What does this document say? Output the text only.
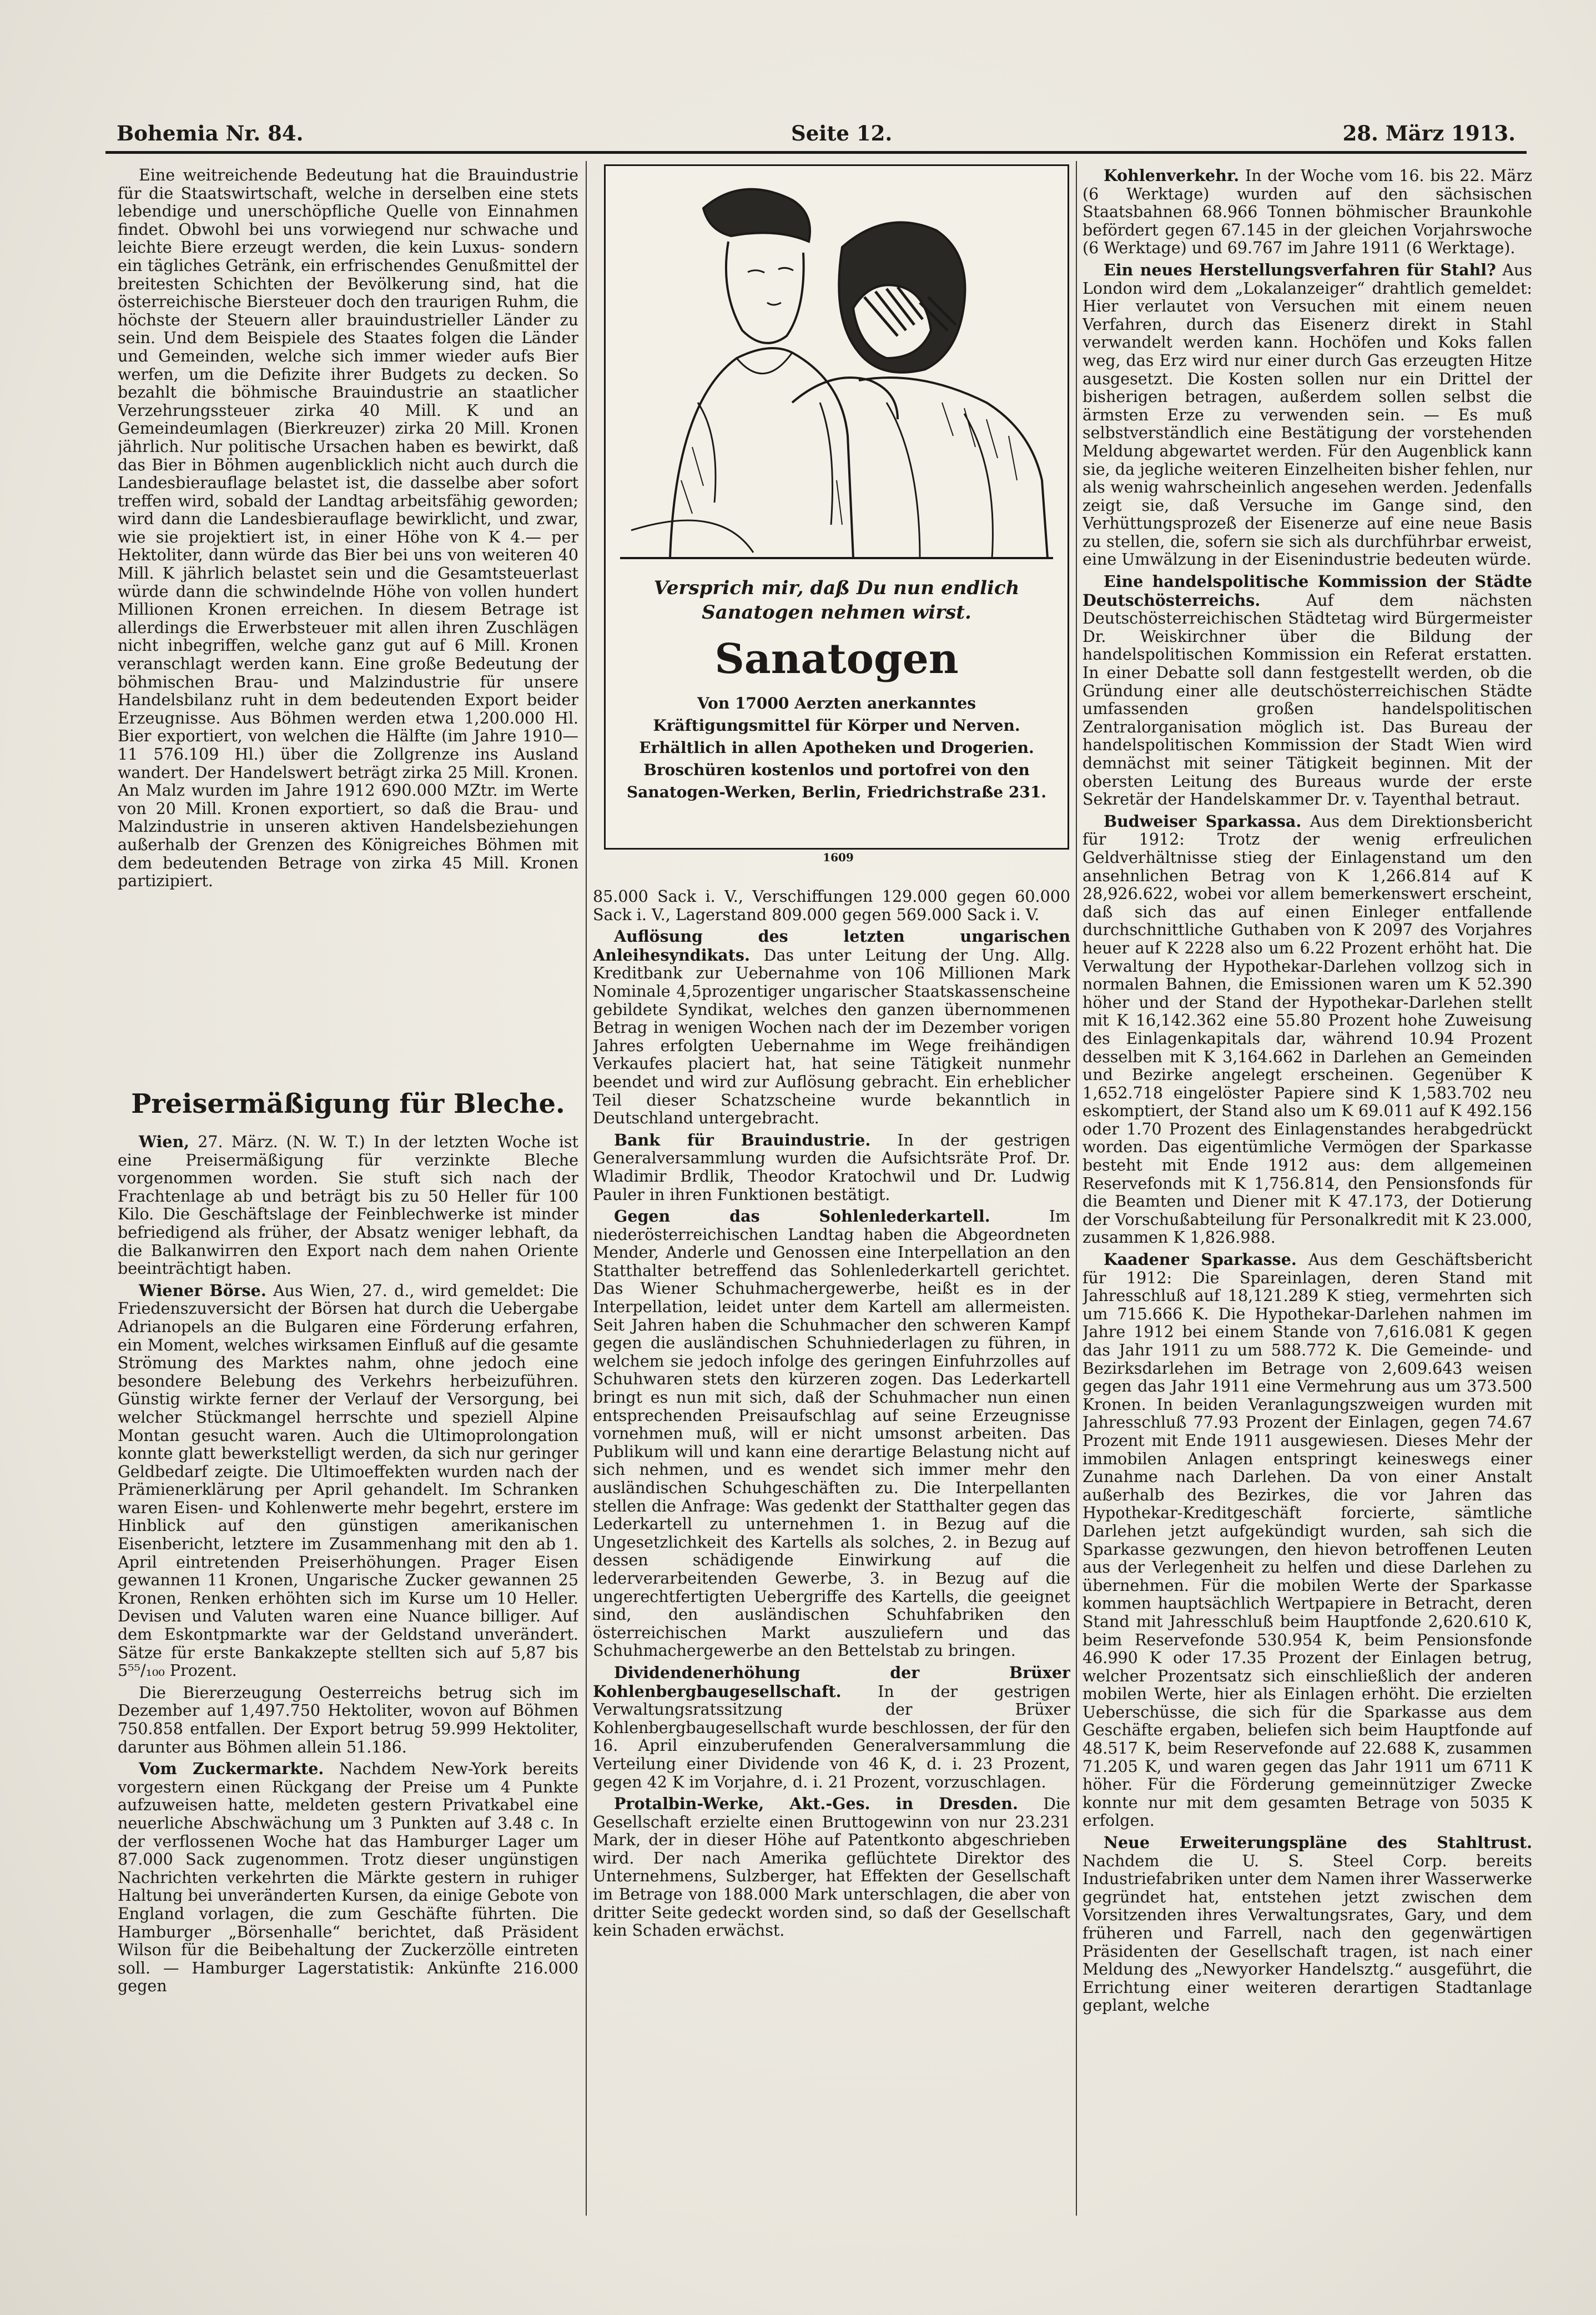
Bohemia Nr. 84.	Seite 12.	28. März 1913.

Eine weitreichende Bedeutung hat die Brauindustrie für die Staatswirtschaft, welche in derselben eine stets lebendige und unerschöpfliche Quelle von Einnahmen findet. Obwohl bei uns vorwiegend nur schwache und leichte Biere erzeugt werden, die kein Luxus- sondern ein tägliches Getränk, ein erfrischendes Genußmittel der breitesten Schichten der Bevölkerung sind, hat die österreichische Biersteuer doch den traurigen Ruhm, die höchste der Steuern aller brauindustrieller Länder zu sein. Und dem Beispiele des Staates folgen die Länder und Gemeinden, welche sich immer wieder aufs Bier werfen, um die Defizite ihrer Budgets zu decken. So bezahlt die böhmische Brauindustrie an staatlicher Verzehrungssteuer zirka 40 Mill. K und an Gemeindeumlagen (Bierkreuzer) zirka 20 Mill. Kronen jährlich. Nur politische Ursachen haben es bewirkt, daß das Bier in Böhmen augenblicklich nicht auch durch die Landesbierauflage belastet ist, die dasselbe aber sofort treffen wird, sobald der Landtag arbeitsfähig geworden; wird dann die Landesbierauflage bewirklicht, und zwar, wie sie projektiert ist, in einer Höhe von K 4.— per Hektoliter, dann würde das Bier bei uns von weiteren 40 Mill. K jährlich belastet sein und die Gesamtsteuerlast würde dann die schwindelnde Höhe von vollen hundert Millionen Kronen erreichen. In diesem Betrage ist allerdings die Erwerbsteuer mit allen ihren Zuschlägen nicht inbegriffen, welche ganz gut auf 6 Mill. Kronen veranschlagt werden kann. Eine große Bedeutung der böhmischen Brau- und Malzindustrie für unsere Handelsbilanz ruht in dem bedeutenden Export beider Erzeugnisse. Aus Böhmen werden etwa 1,200.000 Hl. Bier exportiert, von welchen die Hälfte (im Jahre 1910—11 576.109 Hl.) über die Zollgrenze ins Ausland wandert. Der Handelswert beträgt zirka 25 Mill. Kronen. An Malz wurden im Jahre 1912 690.000 MZtr. im Werte von 20 Mill. Kronen exportiert, so daß die Brau- und Malzindustrie in unseren aktiven Handelsbeziehungen außerhalb der Grenzen des Königreiches Böhmen mit dem bedeutenden Betrage von zirka 45 Mill. Kronen partizipiert.

Preisermäßigung für Bleche.

Wien, 27. März. (N. W. T.) In der letzten Woche ist eine Preisermäßigung für verzinkte Bleche vorgenommen worden. Sie stuft sich nach der Frachtenlage ab und beträgt bis zu 50 Heller für 100 Kilo. Die Geschäftslage der Feinblechwerke ist minder befriedigend als früher, der Absatz weniger lebhaft, da die Balkanwirren den Export nach dem nahen Oriente beeinträchtigt haben.

Wiener Börse. Aus Wien, 27. d., wird gemeldet: Die Friedenszuversicht der Börsen hat durch die Uebergabe Adrianopels an die Bulgaren eine Förderung erfahren, ein Moment, welches wirksamen Einfluß auf die gesamte Strömung des Marktes nahm, ohne jedoch eine besondere Belebung des Verkehrs herbeizuführen. Günstig wirkte ferner der Verlauf der Versorgung, bei welcher Stückmangel herrschte und speziell Alpine Montan gesucht waren. Auch die Ultimoprolongation konnte glatt bewerkstelligt werden, da sich nur geringer Geldbedarf zeigte. Die Ultimoeffekten wurden nach der Prämienerklärung per April gehandelt. Im Schranken waren Eisen- und Kohlenwerte mehr begehrt, erstere im Hinblick auf den günstigen amerikanischen Eisenbericht, letztere im Zusammenhang mit den ab 1. April eintretenden Preiserhöhungen. Prager Eisen gewannen 11 Kronen, Ungarische Zucker gewannen 25 Kronen, Renken erhöhten sich im Kurse um 10 Heller. Devisen und Valuten waren eine Nuance billiger. Auf dem Eskontpmarkte war der Geldstand unverändert. Sätze für erste Bankakzepte stellten sich auf 5,87 bis 5⁵⁵/₁₀₀ Prozent.

Die Biererzeugung Oesterreichs betrug sich im Dezember auf 1,497.750 Hektoliter, wovon auf Böhmen 750.858 entfallen. Der Export betrug 59.999 Hektoliter, darunter aus Böhmen allein 51.186.

Vom Zuckermarkte. Nachdem New-York bereits vorgestern einen Rückgang der Preise um 4 Punkte aufzuweisen hatte, meldeten gestern Privatkabel eine neuerliche Abschwächung um 3 Punkten auf 3.48 c. In der verflossenen Woche hat das Hamburger Lager um 87.000 Sack zugenommen. Trotz dieser ungünstigen Nachrichten verkehrten die Märkte gestern in ruhiger Haltung bei unveränderten Kursen, da einige Gebote von England vorlagen, die zum Geschäfte führten. Die Hamburger „Börsenhalle“ berichtet, daß Präsident Wilson für die Beibehaltung der Zuckerzölle eintreten soll. — Hamburger Lagerstatistik: Ankünfte 216.000 gegen

Versprich mir, daß Du nun endlich Sanatogen nehmen wirst.
Sanatogen
Von 17000 Aerzten anerkanntes Kräftigungsmittel für Körper und Nerven. Erhältlich in allen Apotheken und Drogerien. Broschüren kostenlos und portofrei von den Sanatogen-Werken, Berlin, Friedrichstraße 231.
1609

85.000 Sack i. V., Verschiffungen 129.000 gegen 60.000 Sack i. V., Lagerstand 809.000 gegen 569.000 Sack i. V.

Auflösung des letzten ungarischen Anleihesyndikats. Das unter Leitung der Ung. Allg. Kreditbank zur Uebernahme von 106 Millionen Mark Nominale 4,5prozentiger ungarischer Staatskassenscheine gebildete Syndikat, welches den ganzen übernommenen Betrag in wenigen Wochen nach der im Dezember vorigen Jahres erfolgten Uebernahme im Wege freihändigen Verkaufes placiert hat, hat seine Tätigkeit nunmehr beendet und wird zur Auflösung gebracht. Ein erheblicher Teil dieser Schatzscheine wurde bekanntlich in Deutschland untergebracht.

Bank für Brauindustrie. In der gestrigen Generalversammlung wurden die Aufsichtsräte Prof. Dr. Wladimir Brdlik, Theodor Kratochwil und Dr. Ludwig Pauler in ihren Funktionen bestätigt.

Gegen das Sohlenlederkartell. Im niederösterreichischen Landtag haben die Abgeordneten Mender, Anderle und Genossen eine Interpellation an den Statthalter betreffend das Sohlenlederkartell gerichtet. Das Wiener Schuhmachergewerbe, heißt es in der Interpellation, leidet unter dem Kartell am allermeisten. Seit Jahren haben die Schuhmacher den schweren Kampf gegen die ausländischen Schuhniederlagen zu führen, in welchem sie jedoch infolge des geringen Einfuhrzolles auf Schuhwaren stets den kürzeren zogen. Das Lederkartell bringt es nun mit sich, daß der Schuhmacher nun einen entsprechenden Preisaufschlag auf seine Erzeugnisse vornehmen muß, will er nicht umsonst arbeiten. Das Publikum will und kann eine derartige Belastung nicht auf sich nehmen, und es wendet sich immer mehr den ausländischen Schuhgeschäften zu. Die Interpellanten stellen die Anfrage: Was gedenkt der Statthalter gegen das Lederkartell zu unternehmen 1. in Bezug auf die Ungesetzlichkeit des Kartells als solches, 2. in Bezug auf dessen schädigende Einwirkung auf die lederverarbeitenden Gewerbe, 3. in Bezug auf die ungerechtfertigten Uebergriffe des Kartells, die geeignet sind, den ausländischen Schuhfabriken den österreichischen Markt auszuliefern und das Schuhmachergewerbe an den Bettelstab zu bringen.

Dividendenerhöhung der Brüxer Kohlenbergbaugesellschaft. In der gestrigen Verwaltungsratssitzung der Brüxer Kohlenbergbaugesellschaft wurde beschlossen, der für den 16. April einzuberufenden Generalversammlung die Verteilung einer Dividende von 46 K, d. i. 23 Prozent, gegen 42 K im Vorjahre, d. i. 21 Prozent, vorzuschlagen.

Protalbin-Werke, Akt.-Ges. in Dresden. Die Gesellschaft erzielte einen Bruttogewinn von nur 23.231 Mark, der in dieser Höhe auf Patentkonto abgeschrieben wird. Der nach Amerika geflüchtete Direktor des Unternehmens, Sulzberger, hat Effekten der Gesellschaft im Betrage von 188.000 Mark unterschlagen, die aber von dritter Seite gedeckt worden sind, so daß der Gesellschaft kein Schaden erwächst.

Kohlenverkehr. In der Woche vom 16. bis 22. März (6 Werktage) wurden auf den sächsischen Staatsbahnen 68.966 Tonnen böhmischer Braunkohle befördert gegen 67.145 in der gleichen Vorjahrswoche (6 Werktage) und 69.767 im Jahre 1911 (6 Werktage).

Ein neues Herstellungsverfahren für Stahl? Aus London wird dem „Lokalanzeiger“ drahtlich gemeldet: Hier verlautet von Versuchen mit einem neuen Verfahren, durch das Eisenerz direkt in Stahl verwandelt werden kann. Hochöfen und Koks fallen weg, das Erz wird nur einer durch Gas erzeugten Hitze ausgesetzt. Die Kosten sollen nur ein Drittel der bisherigen betragen, außerdem sollen selbst die ärmsten Erze zu verwenden sein. — Es muß selbstverständlich eine Bestätigung der vorstehenden Meldung abgewartet werden. Für den Augenblick kann sie, da jegliche weiteren Einzelheiten bisher fehlen, nur als wenig wahrscheinlich angesehen werden. Jedenfalls zeigt sie, daß Versuche im Gange sind, den Verhüttungsprozeß der Eisenerze auf eine neue Basis zu stellen, die, sofern sie sich als durchführbar erweist, eine Umwälzung in der Eisenindustrie bedeuten würde.

Eine handelspolitische Kommission der Städte Deutschösterreichs. Auf dem nächsten Deutschösterreichischen Städtetag wird Bürgermeister Dr. Weiskirchner über die Bildung der handelspolitischen Kommission ein Referat erstatten. In einer Debatte soll dann festgestellt werden, ob die Gründung einer alle deutschösterreichischen Städte umfassenden großen handelspolitischen Zentralorganisation möglich ist. Das Bureau der handelspolitischen Kommission der Stadt Wien wird demnächst mit seiner Tätigkeit beginnen. Mit der obersten Leitung des Bureaus wurde der erste Sekretär der Handelskammer Dr. v. Tayenthal betraut.

Budweiser Sparkassa. Aus dem Direktionsbericht für 1912: Trotz der wenig erfreulichen Geldverhältnisse stieg der Einlagenstand um den ansehnlichen Betrag von K 1,266.814 auf K 28,926.622, wobei vor allem bemerkenswert erscheint, daß sich das auf einen Einleger entfallende durchschnittliche Guthaben von K 2097 des Vorjahres heuer auf K 2228 also um 6.22 Prozent erhöht hat. Die Verwaltung der Hypothekar-Darlehen vollzog sich in normalen Bahnen, die Emissionen waren um K 52.390 höher und der Stand der Hypothekar-Darlehen stellt mit K 16,142.362 eine 55.80 Prozent hohe Zuweisung des Einlagenkapitals dar, während 10.94 Prozent desselben mit K 3,164.662 in Darlehen an Gemeinden und Bezirke angelegt erscheinen. Gegenüber K 1,652.718 eingelöster Papiere sind K 1,583.702 neu eskomptiert, der Stand also um K 69.011 auf K 492.156 oder 1.70 Prozent des Einlagenstandes herabgedrückt worden. Das eigentümliche Vermögen der Sparkasse besteht mit Ende 1912 aus: dem allgemeinen Reservefonds mit K 1,756.814, den Pensionsfonds für die Beamten und Diener mit K 47.173, der Dotierung der Vorschußabteilung für Personalkredit mit K 23.000, zusammen K 1,826.988.

Kaadener Sparkasse. Aus dem Geschäftsbericht für 1912: Die Spareinlagen, deren Stand mit Jahresschluß auf 18,121.289 K stieg, vermehrten sich um 715.666 K. Die Hypothekar-Darlehen nahmen im Jahre 1912 bei einem Stande von 7,616.081 K gegen das Jahr 1911 zu um 588.772 K. Die Gemeinde- und Bezirksdarlehen im Betrage von 2,609.643 weisen gegen das Jahr 1911 eine Vermehrung aus um 373.500 Kronen. In beiden Veranlagungszweigen wurden mit Jahresschluß 77.93 Prozent der Einlagen, gegen 74.67 Prozent mit Ende 1911 ausgewiesen. Dieses Mehr der immobilen Anlagen entspringt keineswegs einer Zunahme nach Darlehen. Da von einer Anstalt außerhalb des Bezirkes, die vor Jahren das Hypothekar-Kreditgeschäft forcierte, sämtliche Darlehen jetzt aufgekündigt wurden, sah sich die Sparkasse gezwungen, den hievon betroffenen Leuten aus der Verlegenheit zu helfen und diese Darlehen zu übernehmen. Für die mobilen Werte der Sparkasse kommen hauptsächlich Wertpapiere in Betracht, deren Stand mit Jahresschluß beim Hauptfonde 2,620.610 K, beim Reservefonde 530.954 K, beim Pensionsfonde 46.990 K oder 17.35 Prozent der Einlagen betrug, welcher Prozentsatz sich einschließlich der anderen mobilen Werte, hier als Einlagen erhöht. Die erzielten Ueberschüsse, die sich für die Sparkasse aus dem Geschäfte ergaben, beliefen sich beim Hauptfonde auf 48.517 K, beim Reservefonde auf 22.688 K, zusammen 71.205 K, und waren gegen das Jahr 1911 um 6711 K höher. Für die Förderung gemeinnütziger Zwecke konnte nur mit dem gesamten Betrage von 5035 K erfolgen.

Neue Erweiterungspläne des Stahltrust. Nachdem die U. S. Steel Corp. bereits Industriefabriken unter dem Namen ihrer Wasserwerke gegründet hat, entstehen jetzt zwischen dem Vorsitzenden ihres Verwaltungsrates, Gary, und dem früheren und Farrell, nach den gegenwärtigen Präsidenten der Gesellschaft tragen, ist nach einer Meldung des „Newyorker Handelsztg.“ ausgeführt, die Errichtung einer weiteren derartigen Stadtanlage geplant, welche
